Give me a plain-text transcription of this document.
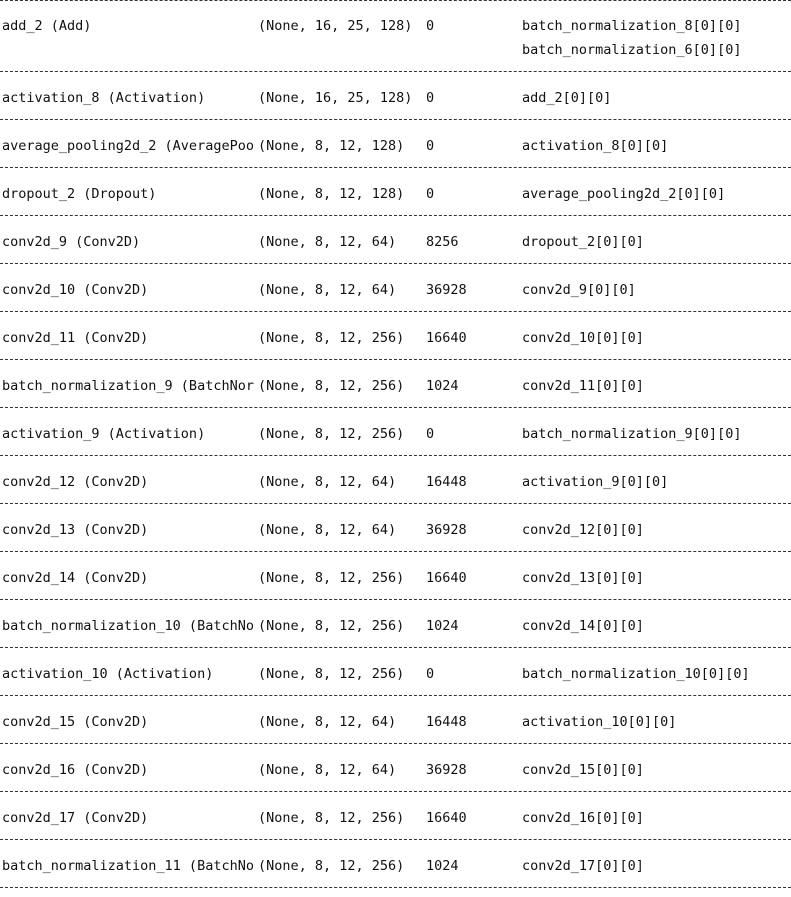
add_2 (Add)	(None, 16, 25, 128) 0	batch_normalization_8[0][0]
batch_normalization_6[0][0]
activation_8 (Activation)	(None, 16, 25, 128) 0	add_2[0][0]
average_pooling2d_2 (AveragePoo (None, 8, 12, 128) 0	activation_8[0][0]
dropout_2 (Dropout)	(None, 8, 12, 128) 0	average_pooling2d_2[0][0]
conv2d_9 (Conv2D)	(None, 8, 12, 64) 8256	dropout_2[0][0]
conv2d_10 (Conv2D)	(None, 8, 12, 64) 36928	conv2d_9[0][0]
conv2d_11 (Conv2D)	(None, 8, 12, 256) 16640	conv2d_10[0][0]
batch_normalization_9 (BatchNor (None, 8, 12, 256) 1024	conv2d_11[0][0]
activation_9 (Activation)	(None, 8, 12, 256) 0	batch_normalization_9[0][0]
conv2d_12 (Conv2D)	(None, 8, 12, 64) 16448	activation_9[0][0]
conv2d_13 (Conv2D)	(None, 8, 12, 64) 36928	conv2d_12[0][0]
conv2d_14 (Conv2D)	(None, 8, 12, 256) 16640	conv2d_13[0][0]
batch_normalization_10 (BatchNo (None, 8, 12, 256) 1024	conv2d_14[0][0]
activation_10 (Activation)	(None, 8, 12, 256) 0	batch_normalization_10[0][0]
conv2d_15 (Conv2D)	(None, 8, 12, 64) 16448	activation_10[0][0]
conv2d_16 (Conv2D)	(None, 8, 12, 64) 36928	conv2d_15[0][0]
conv2d_17 (Conv2D)	(None, 8, 12, 256) 16640	conv2d_16[0][0]
batch_normalization_11 (BatchNo (None, 8, 12, 256) 1024	conv2d_17[0][0]
